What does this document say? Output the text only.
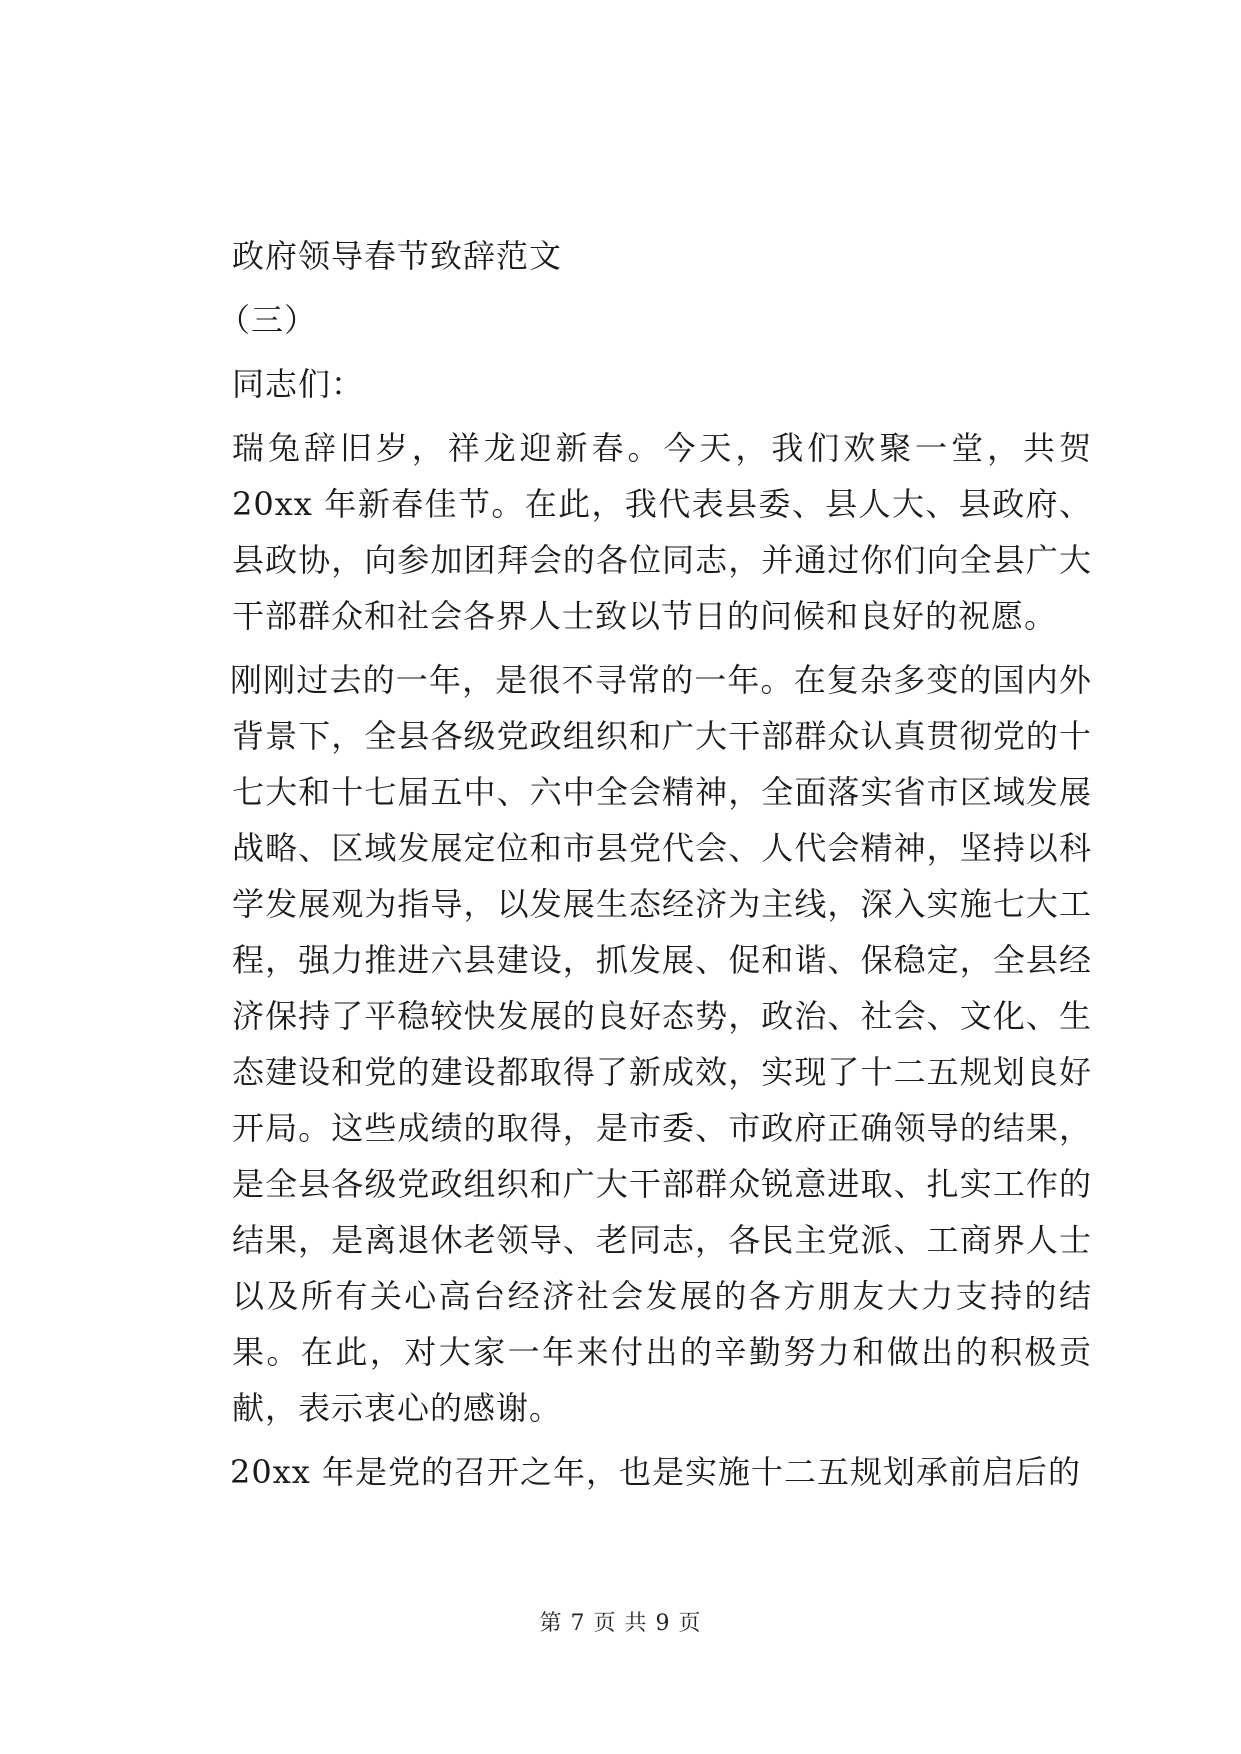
政府领导春节致辞范文

（三）

同志们：

瑞兔辞旧岁，祥龙迎新春。今天，我们欢聚一堂，共贺 20xx 年新春佳节。在此，我代表县委、县人大、县政府、县政协，向参加团拜会的各位同志，并通过你们向全县广大干部群众和社会各界人士致以节日的问候和良好的祝愿。

刚刚过去的一年，是很不寻常的一年。在复杂多变的国内外背景下，全县各级党政组织和广大干部群众认真贯彻党的十七大和十七届五中、六中全会精神，全面落实省市区域发展战略、区域发展定位和市县党代会、人代会精神，坚持以科学发展观为指导，以发展生态经济为主线，深入实施七大工程，强力推进六县建设，抓发展、促和谐、保稳定，全县经济保持了平稳较快发展的良好态势，政治、社会、文化、生态建设和党的建设都取得了新成效，实现了十二五规划良好开局。这些成绩的取得，是市委、市政府正确领导的结果，是全县各级党政组织和广大干部群众锐意进取、扎实工作的结果，是离退休老领导、老同志，各民主党派、工商界人士以及所有关心高台经济社会发展的各方朋友大力支持的结果。在此，对大家一年来付出的辛勤努力和做出的积极贡献，表示衷心的感谢。

20xx 年是党的召开之年，也是实施十二五规划承前启后的

第 7 页 共 9 页
